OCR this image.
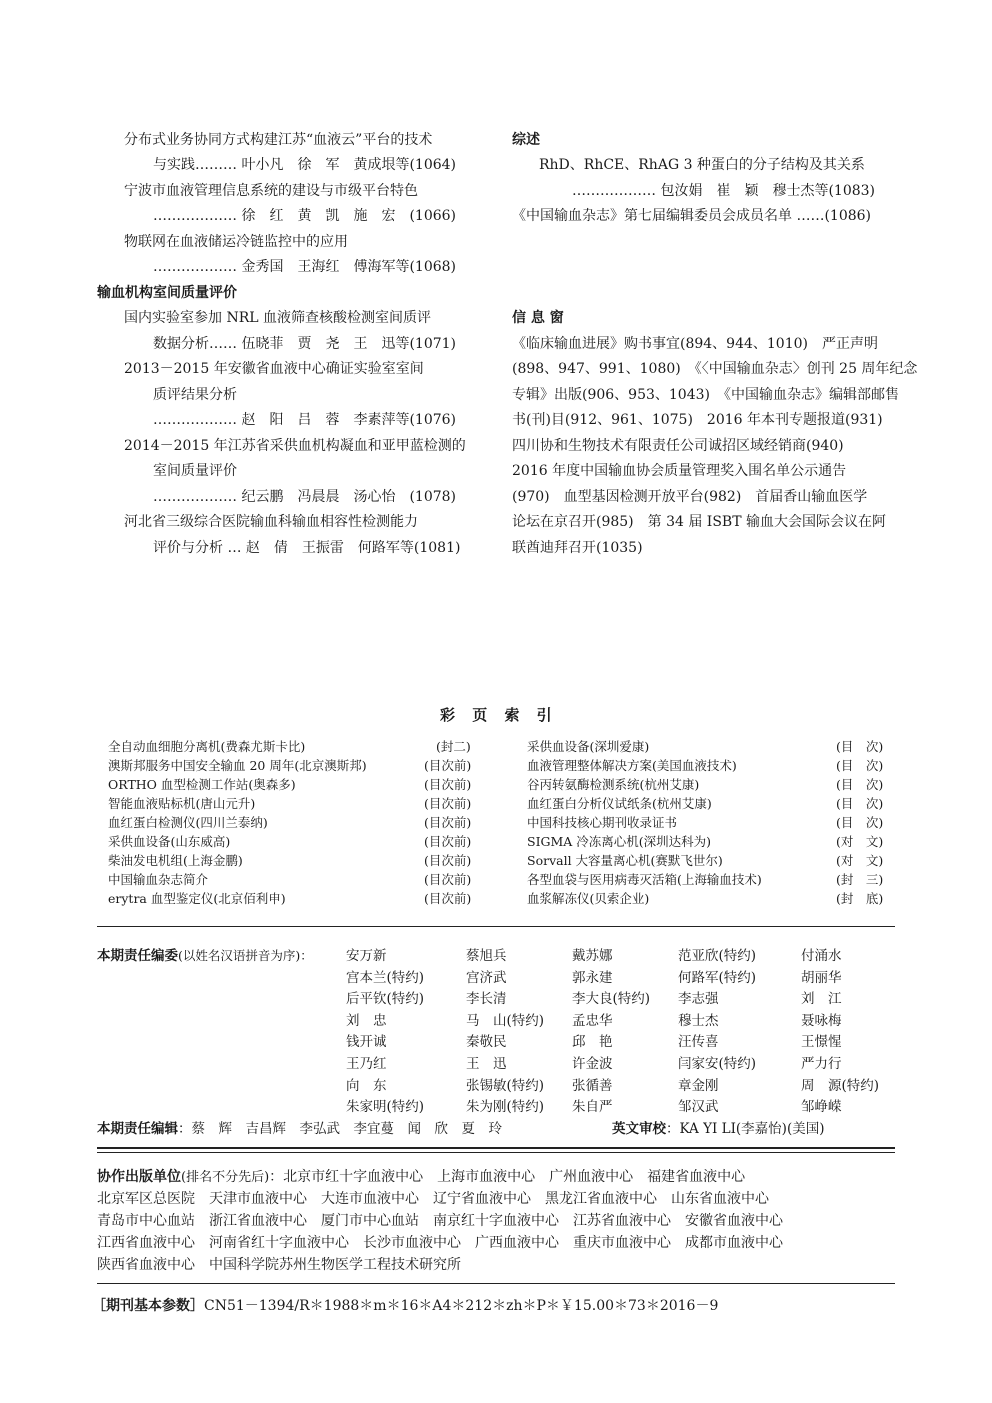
分布式业务协同方式构建江苏“血液云”平台的技术
与实践……… 叶小凡　徐　军　黄成垠等(1064)
宁波市血液管理信息系统的建设与市级平台特色
……………… 徐　红　黄　凯　施　宏　(1066)
物联网在血液储运冷链监控中的应用
……………… 金秀国　王海红　傅海军等(1068)
输血机构室间质量评价
国内实验室参加 NRL 血液筛查核酸检测室间质评
数据分析…… 伍晓菲　贾　尧　王　迅等(1071)
2013－2015 年安徽省血液中心确证实验室室间
质评结果分析
……………… 赵　阳　吕　蓉　李素萍等(1076)
2014－2015 年江苏省采供血机构凝血和亚甲蓝检测的
室间质量评价
……………… 纪云鹏　冯晨晨　汤心怡　(1078)
河北省三级综合医院输血科输血相容性检测能力
评价与分析 … 赵　倩　王振雷　何路军等(1081)
综述
RhD、RhCE、RhAG 3 种蛋白的分子结构及其关系
……………… 包汝娟　崔　颖　穆士杰等(1083)
《中国输血杂志》第七届编辑委员会成员名单 ……(1086)
信 息 窗
《临床输血进展》购书事宜(894、944、1010)　严正声明
(898、947、991、1080)　《〈中国输血杂志〉创刊 25 周年纪念
专辑》出版(906、953、1043)　《中国输血杂志》编辑部邮售
书(刊)目(912、961、1075)　2016 年本刊专题报道(931)
四川协和生物技术有限责任公司诚招区域经销商(940)
2016 年度中国输血协会质量管理奖入围名单公示通告
(970)　血型基因检测开放平台(982)　首届香山输血医学
论坛在京召开(985)　第 34 届 ISBT 输血大会国际会议在阿
联酋迪拜召开(1035)
彩 页 索 引
全自动血细胞分离机(费森尤斯卡比)	(封二)
澳斯邦服务中国安全输血 20 周年(北京澳斯邦)	(目次前)
ORTHO 血型检测工作站(奥森多)	(目次前)
智能血液贴标机(唐山元升)	(目次前)
血红蛋白检测仪(四川兰泰纳)	(目次前)
采供血设备(山东威高)	(目次前)
柴油发电机组(上海金鹏)	(目次前)
中国输血杂志简介	(目次前)
erytra 血型鉴定仪(北京佰利申)	(目次前)
采供血设备(深圳爱康)	(目　次)
血液管理整体解决方案(美国血液技术)	(目　次)
谷丙转氨酶检测系统(杭州艾康)	(目　次)
血红蛋白分析仪试纸条(杭州艾康)	(目　次)
中国科技核心期刊收录证书	(目　次)
SIGMA 冷冻离心机(深圳达科为)	(对　文)
Sorvall 大容量离心机(赛默飞世尔)	(对　文)
各型血袋与医用病毒灭活箱(上海输血技术)	(封　三)
血浆解冻仪(贝索企业)	(封　底)
本期责任编委(以姓名汉语拼音为序)： 安万新	蔡旭兵	戴苏娜	范亚欣(特约)	付涌水
宫本兰(特约)	宫济武	郭永建	何路军(特约)	胡丽华
后平钦(特约)	李长清	李大良(特约) 李志强	刘　江
刘　忠	马　山(特约) 孟忠华	穆士杰	聂咏梅
钱开诚	秦敬民	邱　艳	汪传喜	王憬惺
王乃红	王　迅	许金波	闫家安(特约)	严力行
向　东	张锡敏(特约) 张循善	章金刚	周　源(特约)
朱家明(特约)	朱为刚(特约) 朱自严	邹汉武	邹峥嵘
本期责任编辑：蔡　辉　吉昌辉　李弘武　李宜蔓　闻　欣　夏　玲	英文审校：KA YI LI(李嘉怡)(美国)
协作出版单位(排名不分先后)：北京市红十字血液中心　上海市血液中心　广州血液中心　福建省血液中心
北京军区总医院　天津市血液中心　大连市血液中心　辽宁省血液中心　黑龙江省血液中心　山东省血液中心
青岛市中心血站　浙江省血液中心　厦门市中心血站　南京红十字血液中心　江苏省血液中心　安徽省血液中心
江西省血液中心　河南省红十字血液中心　长沙市血液中心　广西血液中心　重庆市血液中心　成都市血液中心
陕西省血液中心　中国科学院苏州生物医学工程技术研究所
［期刊基本参数］CN51－1394/R＊1988＊m＊16＊A4＊212＊zh＊P＊￥15.00＊73＊2016－9
